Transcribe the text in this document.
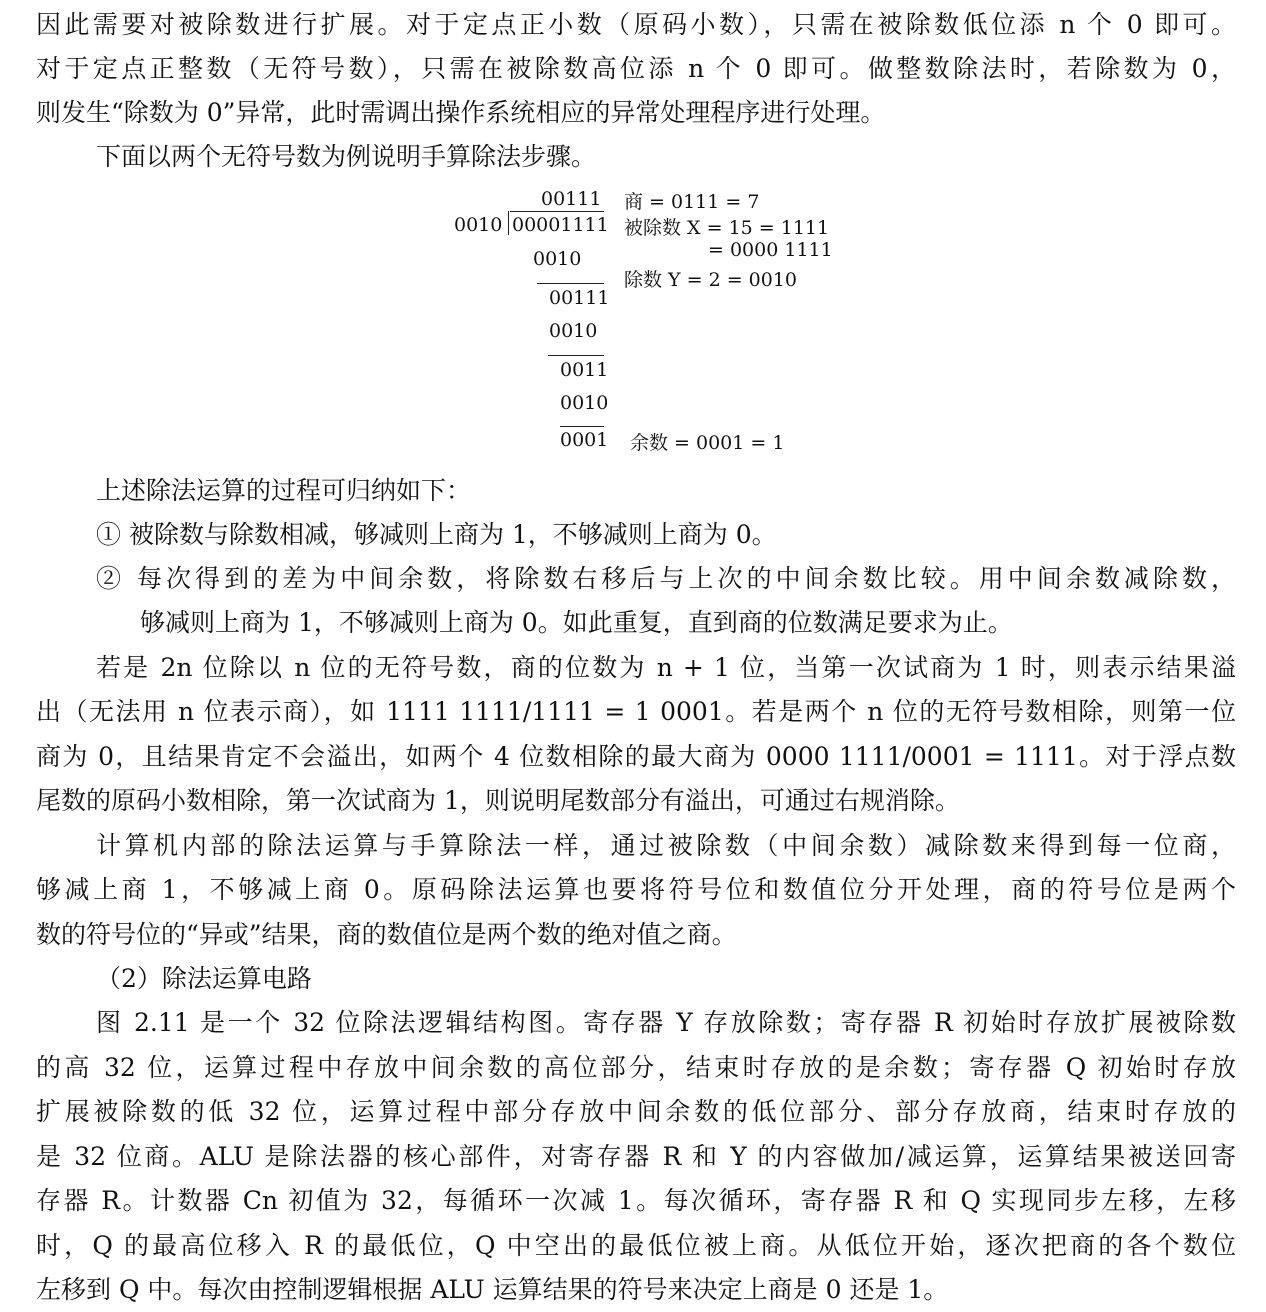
因此需要对被除数进行扩展。对于定点正小数（原码小数），只需在被除数低位添 n 个 0 即可。
对于定点正整数（无符号数），只需在被除数高位添 n 个 0 即可。做整数除法时，若除数为 0，
则发生“除数为 0”异常，此时需调出操作系统相应的异常处理程序进行处理。
下面以两个无符号数为例说明手算除法步骤。
00111
0010 00001111
0010
00111
0010
0011
0010
0001
商 = 0111 = 7
被除数 X = 15 = 1111
= 0000 1111
除数 Y = 2 = 0010
余数 = 0001 = 1
上述除法运算的过程可归纳如下：
① 被除数与除数相减，够减则上商为 1，不够减则上商为 0。
② 每次得到的差为中间余数，将除数右移后与上次的中间余数比较。用中间余数减除数，
够减则上商为 1，不够减则上商为 0。如此重复，直到商的位数满足要求为止。
若是 2n 位除以 n 位的无符号数，商的位数为 n + 1 位，当第一次试商为 1 时，则表示结果溢
出（无法用 n 位表示商），如 1111 1111/1111 = 1 0001。若是两个 n 位的无符号数相除，则第一位
商为 0，且结果肯定不会溢出，如两个 4 位数相除的最大商为 0000 1111/0001 = 1111。对于浮点数
尾数的原码小数相除，第一次试商为 1，则说明尾数部分有溢出，可通过右规消除。
计算机内部的除法运算与手算除法一样，通过被除数（中间余数）减除数来得到每一位商，
够减上商 1，不够减上商 0。原码除法运算也要将符号位和数值位分开处理，商的符号位是两个
数的符号位的“异或”结果，商的数值位是两个数的绝对值之商。
（2）除法运算电路
图 2.11 是一个 32 位除法逻辑结构图。寄存器 Y 存放除数；寄存器 R 初始时存放扩展被除数
的高 32 位，运算过程中存放中间余数的高位部分，结束时存放的是余数；寄存器 Q 初始时存放
扩展被除数的低 32 位，运算过程中部分存放中间余数的低位部分、部分存放商，结束时存放的
是 32 位商。ALU 是除法器的核心部件，对寄存器 R 和 Y 的内容做加/减运算，运算结果被送回寄
存器 R。计数器 Cn 初值为 32，每循环一次减 1。每次循环，寄存器 R 和 Q 实现同步左移，左移
时，Q 的最高位移入 R 的最低位，Q 中空出的最低位被上商。从低位开始，逐次把商的各个数位
左移到 Q 中。每次由控制逻辑根据 ALU 运算结果的符号来决定上商是 0 还是 1。
